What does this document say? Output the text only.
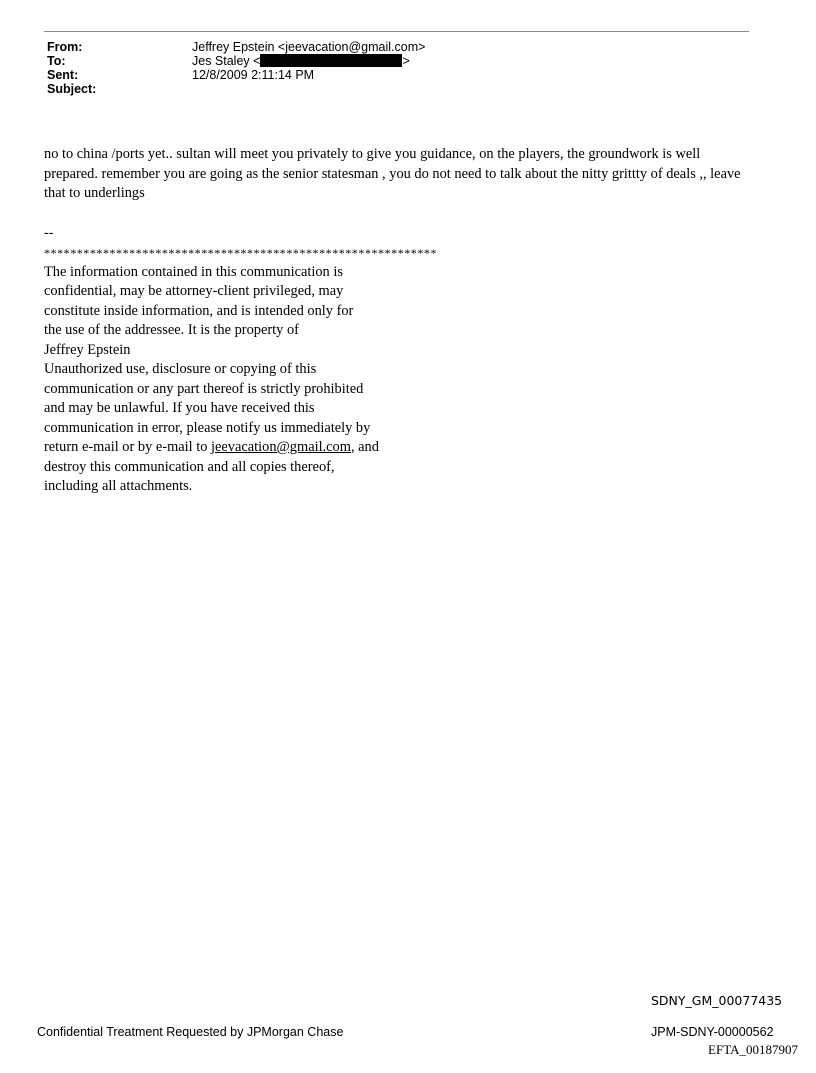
From:	Jeffrey Epstein <jeevacation@gmail.com>
To:	Jes Staley <	>
Sent:	12/8/2009 2:11:14 PM
Subject:

no to china /ports yet.. sultan will meet you privately to give you guidance, on the players, the groundwork is well prepared. remember you are going as the senior statesman , you do not need to talk about the nitty grittty of deals ,, leave that to underlings

--
************************************************************
The information contained in this communication is
confidential, may be attorney-client privileged, may
constitute inside information, and is intended only for
the use of the addressee. It is the property of
Jeffrey Epstein
Unauthorized use, disclosure or copying of this
communication or any part thereof is strictly prohibited
and may be unlawful. If you have received this
communication in error, please notify us immediately by
return e-mail or by e-mail to jeevacation@gmail.com, and
destroy this communication and all copies thereof,
including all attachments.
SDNY_GM_00077435
Confidential Treatment Requested by JPMorgan Chase	JPM-SDNY-00000562
EFTA_00187907
